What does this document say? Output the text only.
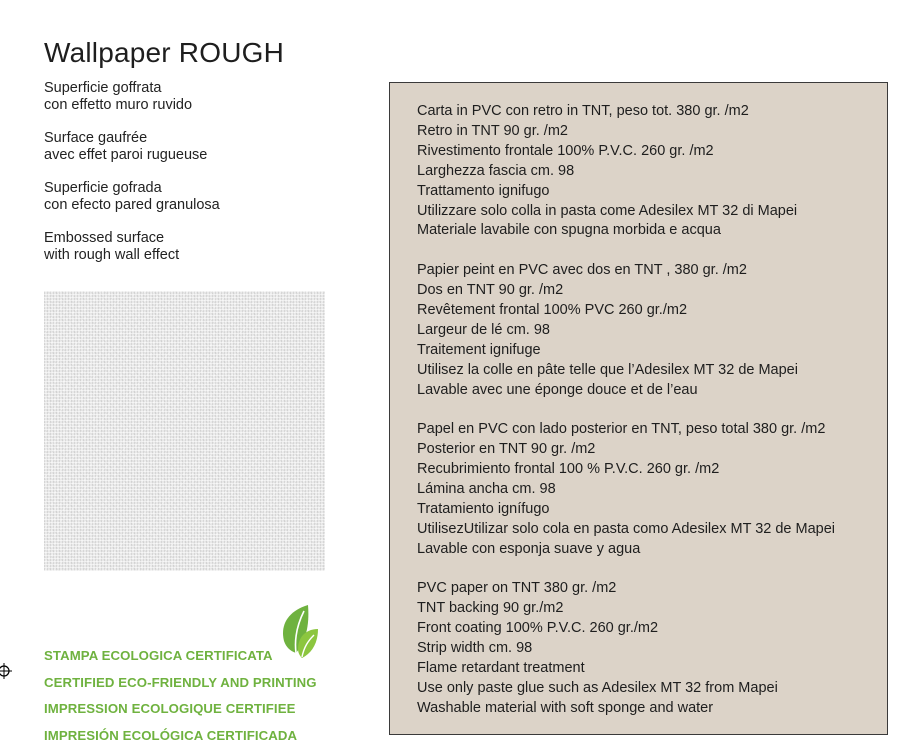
Wallpaper ROUGH
Superficie goffrata
con effetto muro ruvido
Surface gaufrée
avec effet paroi rugueuse
Superficie gofrada
con efecto pared granulosa
Embossed surface
with rough wall effect
STAMPA ECOLOGICA CERTIFICATA
CERTIFIED ECO-FRIENDLY AND PRINTING
IMPRESSION ECOLOGIQUE CERTIFIEE
IMPRESIÓN ECOLÓGICA CERTIFICADA
Carta in PVC con retro in TNT, peso tot. 380 gr. /m2
Retro in TNT 90 gr. /m2
Rivestimento frontale 100% P.V.C. 260 gr. /m2
Larghezza fascia cm. 98
Trattamento ignifugo
Utilizzare solo colla in pasta come Adesilex MT 32 di Mapei
Materiale lavabile con spugna morbida e acqua
Papier peint en PVC avec dos en TNT , 380 gr. /m2
Dos en TNT 90 gr. /m2
Revêtement frontal 100% PVC 260 gr./m2
Largeur de lé cm. 98
Traitement ignifuge
Utilisez la colle en pâte telle que l’Adesilex MT 32 de Mapei
Lavable avec une éponge douce et de l’eau
Papel en PVC con lado posterior en TNT, peso total 380 gr. /m2
Posterior en TNT 90 gr. /m2
Recubrimiento frontal 100 % P.V.C. 260 gr. /m2
Lámina ancha cm. 98
Tratamiento ignífugo
UtilisezUtilizar solo cola en pasta como Adesilex MT 32 de Mapei
Lavable con esponja suave y agua
PVC paper on TNT 380 gr. /m2
TNT backing 90 gr./m2
Front coating 100% P.V.C. 260 gr./m2
Strip width cm. 98
Flame retardant treatment
Use only paste glue such as Adesilex MT 32 from Mapei
Washable material with soft sponge and water
